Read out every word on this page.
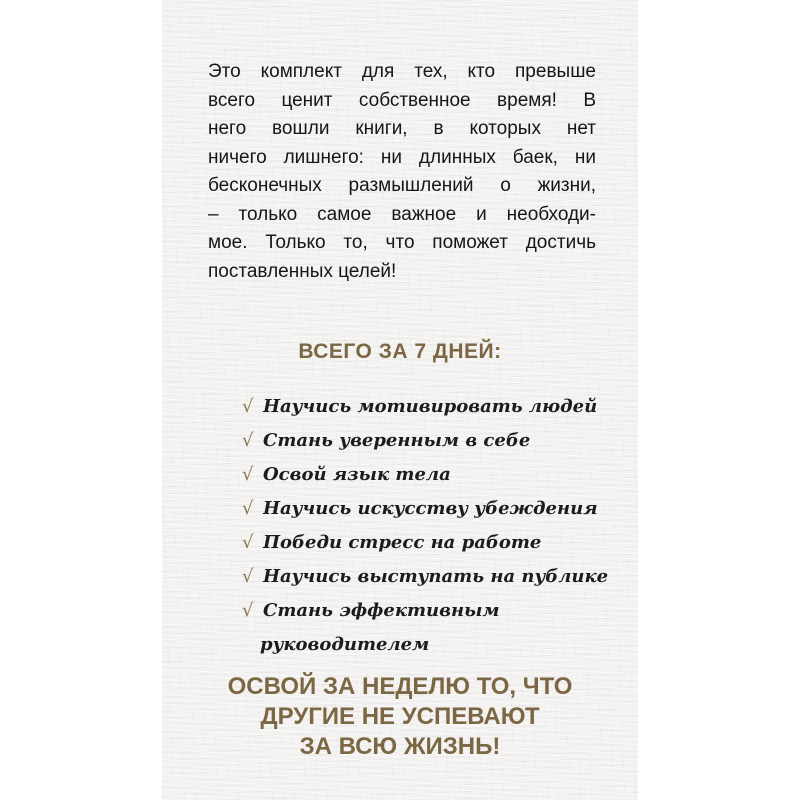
Это комплект для тех, кто превыше
всего ценит собственное время! В
него вошли книги, в которых нет
ничего лишнего: ни длинных баек, ни
бесконечных размышлений о жизни,
– только самое важное и необходи-
мое. Только то, что поможет достичь
поставленных целей!

ВСЕГО ЗА 7 ДНЕЙ:
√ Научись мотивировать людей
√ Стань уверенным в себе
√ Освой язык тела
√ Научись искусству убеждения
√ Победи стресс на работе
√ Научись выступать на публике
√ Стань эффективным
руководителем

ОСВОЙ ЗА НЕДЕЛЮ ТО, ЧТО
ДРУГИЕ НЕ УСПЕВАЮТ
ЗА ВСЮ ЖИЗНЬ!
